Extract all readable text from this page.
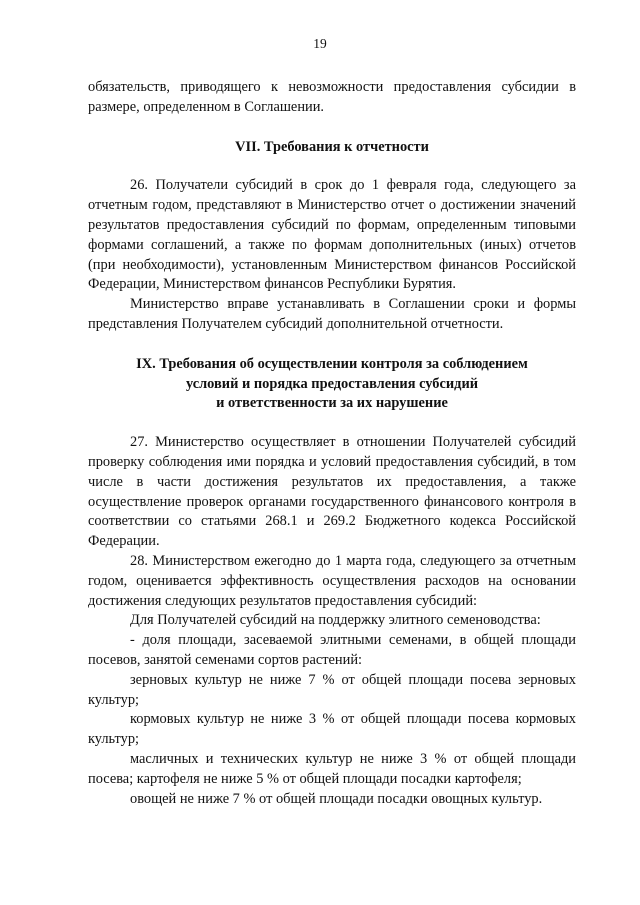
19

обязательств, приводящего к невозможности предоставления субсидии в размере, определенном в Соглашении.

VII. Требования к отчетности

26. Получатели субсидий в срок до 1 февраля года, следующего за отчетным годом, представляют в Министерство отчет о достижении значений результатов предоставления субсидий по формам, определенным типовыми формами соглашений, а также по формам дополнительных (иных) отчетов (при необходимости), установленным Министерством финансов Российской Федерации, Министерством финансов Республики Бурятия.

Министерство вправе устанавливать в Соглашении сроки и формы представления Получателем субсидий дополнительной отчетности.

IX. Требования об осуществлении контроля за соблюдением
условий и порядка предоставления субсидий
и ответственности за их нарушение

27. Министерство осуществляет в отношении Получателей субсидий проверку соблюдения ими порядка и условий предоставления субсидий, в том числе в части достижения результатов их предоставления, а также осуществление проверок органами государственного финансового контроля в соответствии со статьями 268.1 и 269.2 Бюджетного кодекса Российской Федерации.

28. Министерством ежегодно до 1 марта года, следующего за отчетным годом, оценивается эффективность осуществления расходов на основании достижения следующих результатов предоставления субсидий:

Для Получателей субсидий на поддержку элитного семеноводства:

- доля площади, засеваемой элитными семенами, в общей площади посевов, занятой семенами сортов растений:

зерновых культур не ниже 7 % от общей площади посева зерновых культур;

кормовых культур не ниже 3 % от общей площади посева кормовых культур;

масличных и технических культур не ниже 3 % от общей площади посева; картофеля не ниже 5 % от общей площади посадки картофеля;

овощей не ниже 7 % от общей площади посадки овощных культур.
